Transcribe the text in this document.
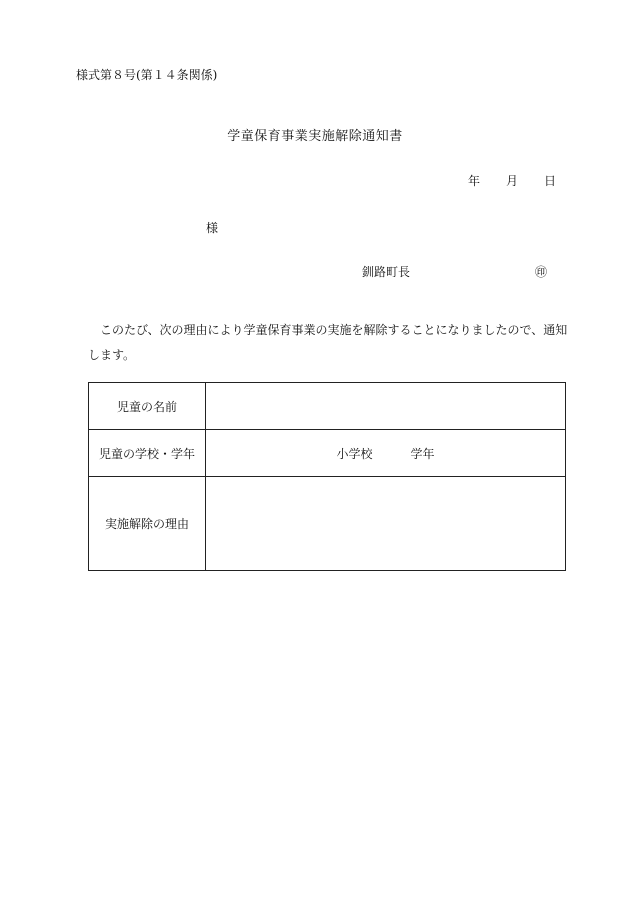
様式第８号(第１４条関係)
学童保育事業実施解除通知書
年 月 日
様
釧路町長	㊞
このたび、次の理由により学童保育事業の実施を解除することになりましたので、通知します。
児童の名前	
児童の学校・学年	小学校 学年
実施解除の理由	
